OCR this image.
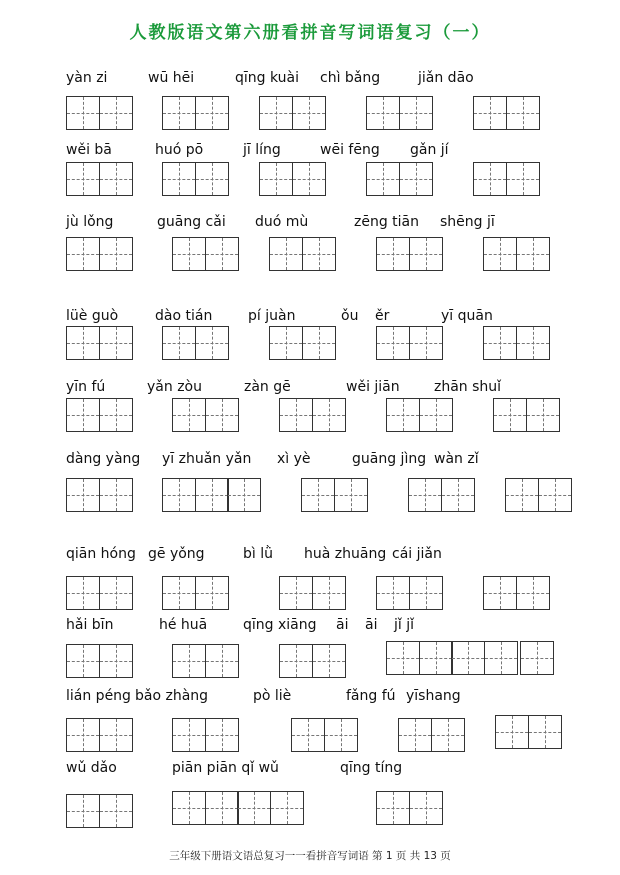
人教版语文第六册看拼音写词语复习（一）
yàn zi	wū hēi	qīng kuài chì bǎng	jiǎn dāo
wěi bā	huó pō	jī líng	wēi fēng gǎn jí
jù lǒng	guāng cǎi duó mù	zēng tiān shēng jī
lüè guò	dào tián	pí juàn	ǒu ěr	yī quān
yīn fú	yǎn zòu	zàn gē	wěi jiān zhān shuǐ
dàng yàng yī zhuǎn yǎn xì yè	guāng jìng wàn zǐ
qiān hóng gē yǒng	bì lǜ huà zhuāng cái jiǎn
hǎi bīn	hé huā	qīng xiāng āi āi jǐ jǐ
lián péng bǎo zhàng	pò liè	fǎng fú yīshang
wǔ dǎo	piān piān qǐ wǔ	qīng tíng
三年级下册语文语总复习一一看拼音写词语 第 1 页 共 13 页
